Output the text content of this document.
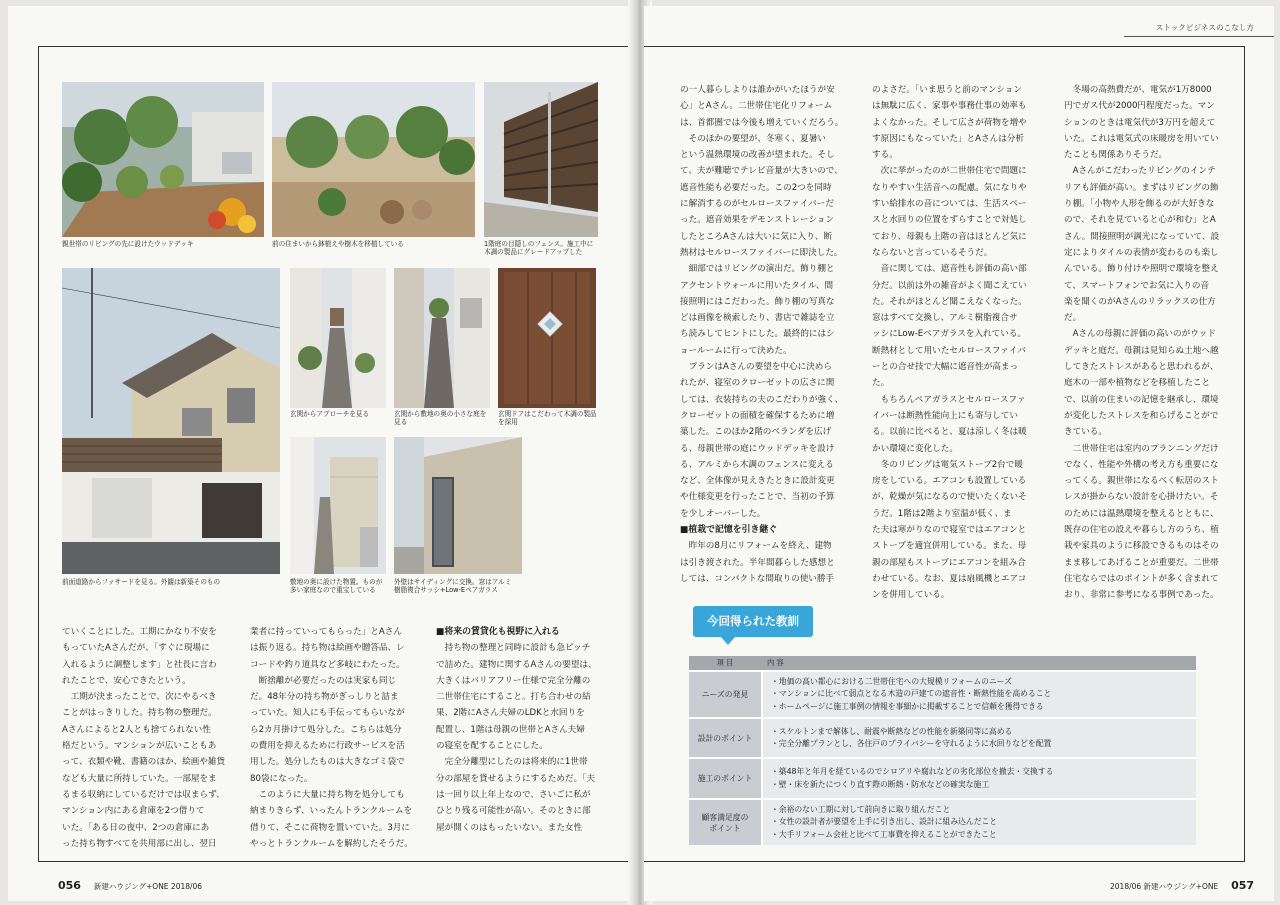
親世帯のリビングの先に設けたウッドデッキ	前の住まいから鉢植えや樹木を移植している	1階庭の目隠しのフェンス。施工中に
木調の製品にグレードアップした
前面道路からファサードを見る。外観は新築そのもの
玄関からアプローチを見る	玄関から敷地の奥の小さな庭を
見る
玄関ドアはこだわって木調の製品
を採用
敷地の奥に設けた物置。ものが
多い家庭なので重宝している
外壁はサイディングに交換。窓はアルミ
樹脂複合サッシ+Low-Eペアガラス

ていくことにした。工期にかなり不安を

もっていたAさんだが、「すぐに現場に

入れるように調整します」と社長に言わ

れたことで、安心できたという。

工期が決まったことで、次にやるべき

ことがはっきりした。持ち物の整理だ。

Aさんによると2人とも捨てられない性

格だという。マンションが広いこともあ

って、衣類や靴、書籍のほか、絵画や雑貨

なども大量に所持していた。一部屋をま

るまる収納にしているだけでは収まらず、

マンション内にある倉庫を2つ借りて

いた。「ある日の夜中、2つの倉庫にあ

った持ち物すべてを共用部に出し、翌日

業者に持っていってもらった」とAさん

は振り返る。持ち物は絵画や贈答品、レ

コードや釣り道具など多岐にわたった。

断捨離が必要だったのは実家も同じ

だ。48年分の持ち物がぎっしりと詰ま

っていた。知人にも手伝ってもらいなが

ら2カ月掛けて処分した。こちらは処分

の費用を抑えるために行政サービスを活

用した。処分したものは大きなゴミ袋で

80袋になった。

このように大量に持ち物を処分しても

納まりきらず、いったんトランクルームを

借りて、そこに荷物を置いていた。3月に

やっとトランクルームを解約したそうだ。

■将来の賃貸化も視野に入れる

持ち物の整理と同時に設計も急ピッチ

で詰めた。建物に関するAさんの要望は、

大きくはバリアフリー仕様で完全分離の

二世帯住宅にすること。打ち合わせの結

果、2階にAさん夫婦のLDKと水回りを

配置し、1階は母親の世帯とAさん夫婦

の寝室を配することにした。

完全分離型にしたのは将来的に1世帯

分の部屋を貸せるようにするためだ。「夫

は一回り以上年上なので、さいごに私が

ひとり残る可能性が高い。そのときに部

屋が開くのはもったいない。また女性

056 新建ハウジング+ONE 2018/06
ストックビジネスのこなし方

の一人暮らしよりは誰かがいたほうが安

心」とAさん。二世帯住宅化リフォーム

は、首都圏では今後も増えていくだろう。

そのほかの要望が、冬寒く、夏暑い

という温熱環境の改善が望まれた。そし

て、夫が難聴でテレビ音量が大きいので、

遮音性能も必要だった。この2つを同時

に解消するのがセルロースファイバーだ

った。遮音効果をデモンストレーション

したところAさんは大いに気に入り、断

熱材はセルロースファイバーに即決した。

細部ではリビングの演出だ。飾り棚と

アクセントウォールに用いたタイル、間

接照明にはこだわった。飾り棚の写真な

どは画像を検索したり、書店で雑誌を立

ち読みしてヒントにした。最終的にはシ

ョールームに行って決めた。

プランはAさんの要望を中心に決めら

れたが、寝室のクローゼットの広さに関

しては、衣装持ちの夫のこだわりが強く、

クローゼットの面積を確保するために増

築した。このほか2階のベランダを広げ

る、母親世帯の庭にウッドデッキを設け

る、アルミから木調のフェンスに変える

など、全体像が見えきたときに設計変更

や仕様変更を行ったことで、当初の予算

を少しオーバーした。

■植栽で記憶を引き継ぐ

昨年の8月にリフォームを終え、建物

は引き渡された。半年間暮らした感想と

しては、コンパクトな間取りの使い勝手

のよさだ。「いま思うと前のマンション

は無駄に広く、家事や事務仕事の効率も

よくなかった。そして広さが荷物を増や

す原因にもなっていた」とAさんは分析

する。

次に挙がったのが二世帯住宅で問題に

なりやすい生活音への配慮。気になりや

すい給排水の音については、生活スペー

スと水回りの位置をずらすことで対処し

ており、母親も上階の音はほとんど気に

ならないと言っているそうだ。

音に関しては、遮音性も評価の高い部

分だ。以前は外の雑音がよく聞こえてい

た。それがほとんど聞こえなくなった。

窓はすべて交換し、アルミ樹脂複合サ

ッシにLow-Eペアガラスを入れている。

断熱材として用いたセルロースファイバ

ーとの合せ技で大幅に遮音性が高まっ

た。

もちろんペアガラスとセルロースファ

イバーは断熱性能向上にも寄与してい

る。以前に比べると、夏は涼しく冬は暖

かい環境に変化した。

冬のリビングは電気ストーブ2台で暖

房をしている。エアコンも設置している

が、乾燥が気になるので使いたくないそ

うだ。1階は2階より室温が低く、ま

た夫は寒がりなので寝室ではエアコンと

ストーブを適宜併用している。また、母

親の部屋もストーブにエアコンを組み合

わせている。なお、夏は扇風機とエアコ

ンを併用している。

冬場の高熱費だが、電気が1万8000

円でガス代が2000円程度だった。マン

ションのときは電気代が3万円を超えて

いた。これは電気式の床暖房を用いてい

たことも関係ありそうだ。

Aさんがこだわったリビングのインテ

リアも評価が高い。まずはリビングの飾

り棚。「小物や人形を飾るのが大好きな

ので、それを見ていると心が和む」とA

さん。間接照明が調光になっていて、設

定によりタイルの表情が変わるのも楽し

んでいる。飾り付けや照明で環境を整え

て、スマートフォンでお気に入りの音

楽を聞くのがAさんのリラックスの仕方

だ。

Aさんの母親に評価の高いのがウッド

デッキと庭だ。母親は見知らぬ土地へ越

してきたストレスがあると思われるが、

庭木の一部や植物などを移植したこと

で、以前の住まいの記憶を継承し、環境

が変化したストレスを和らげることがで

きている。

二世帯住宅は室内のプランニングだけ

でなく、性能や外構の考え方も重要にな

ってくる。親世帯になるべく転居のスト

レスが掛からない設計を心掛けたい。そ

のためには温熱環境を整えるとともに、

既存の住宅の設えや暮らし方のうち、植

栽や家具のように移設できるものはその

まま移してあげることが重要だ。二世帯

住宅ならではのポイントが多く含まれて

おり、非常に参考になる事例であった。

今回得られた教訓
項 目	内 容
ニーズの発見
・地価の高い都心における二世帯住宅への大規模リフォームのニーズ
・マンションに比べて弱点となる木造の戸建ての遮音性・断熱性能を高めること
・ホームページに施工事例の情報を事細かに掲載することで信頼を獲得できる
設計のポイント
・スケルトンまで解体し、耐震や断熱などの性能を新築同等に高める
・完全分離プランとし、各住戸のプライバシーを守れるように水回りなどを配置
施工のポイント
・築48年と年月を経ているのでシロアリや腐れなどの劣化部位を撤去・交換する
・壁・床を新たにつくり直す際の断熱・防水などの確実な施工
顧客満足度の
ポイント
・余裕のない工期に対して前向きに取り組んだこと
・女性の設計者が要望を上手に引き出し、設計に組み込んだこと
・大手リフォーム会社と比べて工事費を抑えることができたこと
2018/06 新建ハウジング+ONE 057
